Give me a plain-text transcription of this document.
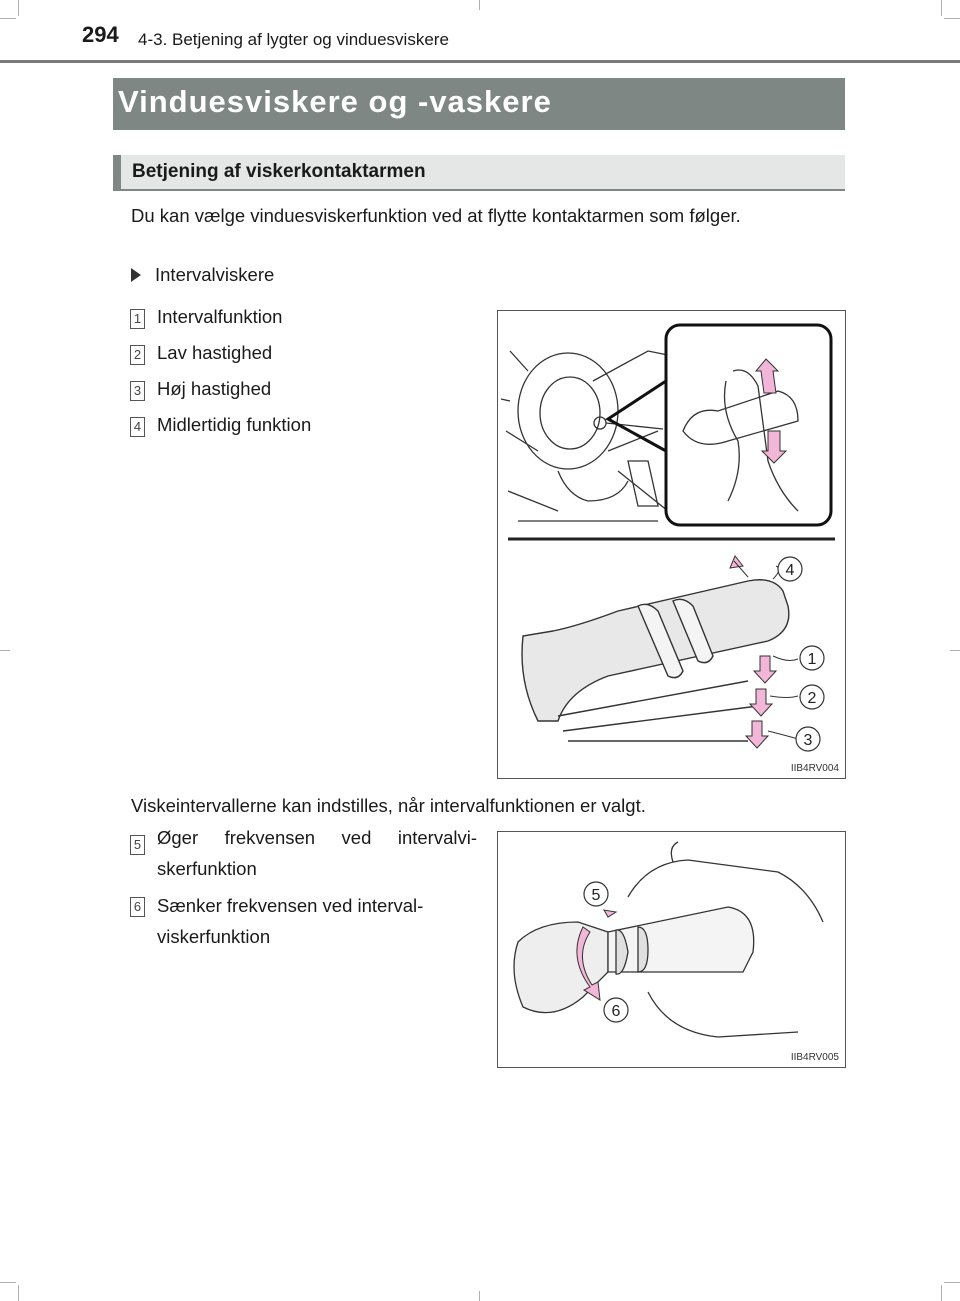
294 4-3. Betjening af lygter og vinduesviskere
Vinduesviskere og -vaskere
Betjening af viskerkontaktarmen
Du kan vælge vinduesviskerfunktion ved at flytte kontaktarmen som følger.
Intervalviskere
1 Intervalfunktion
2 Lav hastighed
3 Høj hastighed
4 Midlertidig funktion
4
1
2
3
IIB4RV004
Viskeintervallerne kan indstilles, når intervalfunktionen er valgt.
5 Øger frekvensen ved intervalvi-
skerfunktion
6 Sænker frekvensen ved interval-
viskerfunktion
5
6
IIB4RV005
